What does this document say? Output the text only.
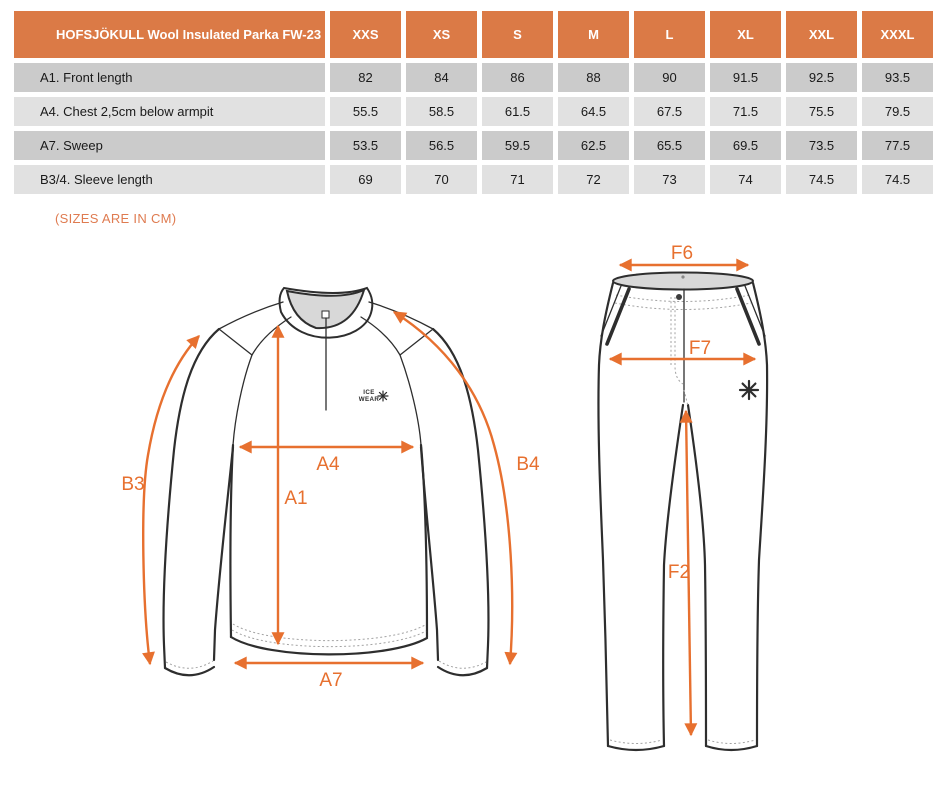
ICE
WEAR
B3
A1
A4
A7
B4
F6
F7
F2
HOFSJÖKULL Wool Insulated Parka FW-23	XXS	XS	S	M	L	XL	XXL	XXXL
A1. Front length	82	84	86	88	90	91.5	92.5	93.5
A4. Chest 2,5cm below armpit	55.5	58.5	61.5	64.5	67.5	71.5	75.5	79.5
A7. Sweep	53.5	56.5	59.5	62.5	65.5	69.5	73.5	77.5
B3/4. Sleeve length	69	70	71	72	73	74	74.5	74.5
(SIZES ARE IN CM)
